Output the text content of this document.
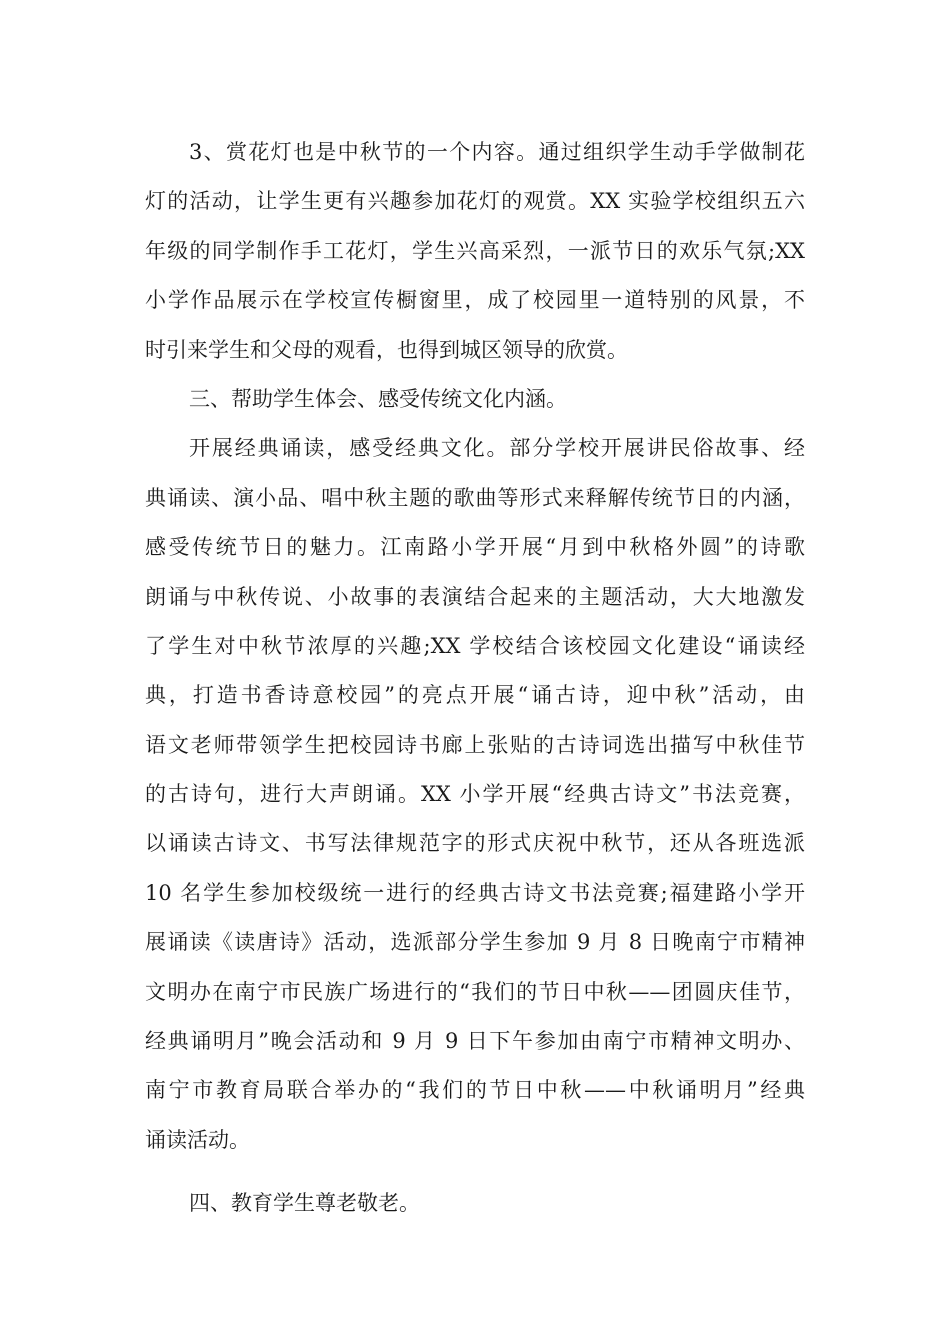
3、赏花灯也是中秋节的一个内容。通过组织学生动手学做制花
灯的活动，让学生更有兴趣参加花灯的观赏。XX 实验学校组织五六
年级的同学制作手工花灯，学生兴高采烈，一派节日的欢乐气氛;XX
小学作品展示在学校宣传橱窗里，成了校园里一道特别的风景，不
时引来学生和父母的观看，也得到城区领导的欣赏。
三、帮助学生体会、感受传统文化内涵。
开展经典诵读，感受经典文化。部分学校开展讲民俗故事、经
典诵读、演小品、唱中秋主题的歌曲等形式来释解传统节日的内涵，
感受传统节日的魅力。江南路小学开展“月到中秋格外圆”的诗歌
朗诵与中秋传说、小故事的表演结合起来的主题活动，大大地激发
了学生对中秋节浓厚的兴趣;XX 学校结合该校园文化建设“诵读经
典，打造书香诗意校园”的亮点开展“诵古诗，迎中秋”活动，由
语文老师带领学生把校园诗书廊上张贴的古诗词选出描写中秋佳节
的古诗句，进行大声朗诵。XX 小学开展“经典古诗文”书法竞赛，
以诵读古诗文、书写法律规范字的形式庆祝中秋节，还从各班选派
10 名学生参加校级统一进行的经典古诗文书法竞赛;福建路小学开
展诵读《读唐诗》活动，选派部分学生参加 9 月 8 日晚南宁市精神
文明办在南宁市民族广场进行的“我们的节日中秋——团圆庆佳节，
经典诵明月”晚会活动和 9 月 9 日下午参加由南宁市精神文明办、
南宁市教育局联合举办的“我们的节日中秋——中秋诵明月”经典
诵读活动。
四、教育学生尊老敬老。
